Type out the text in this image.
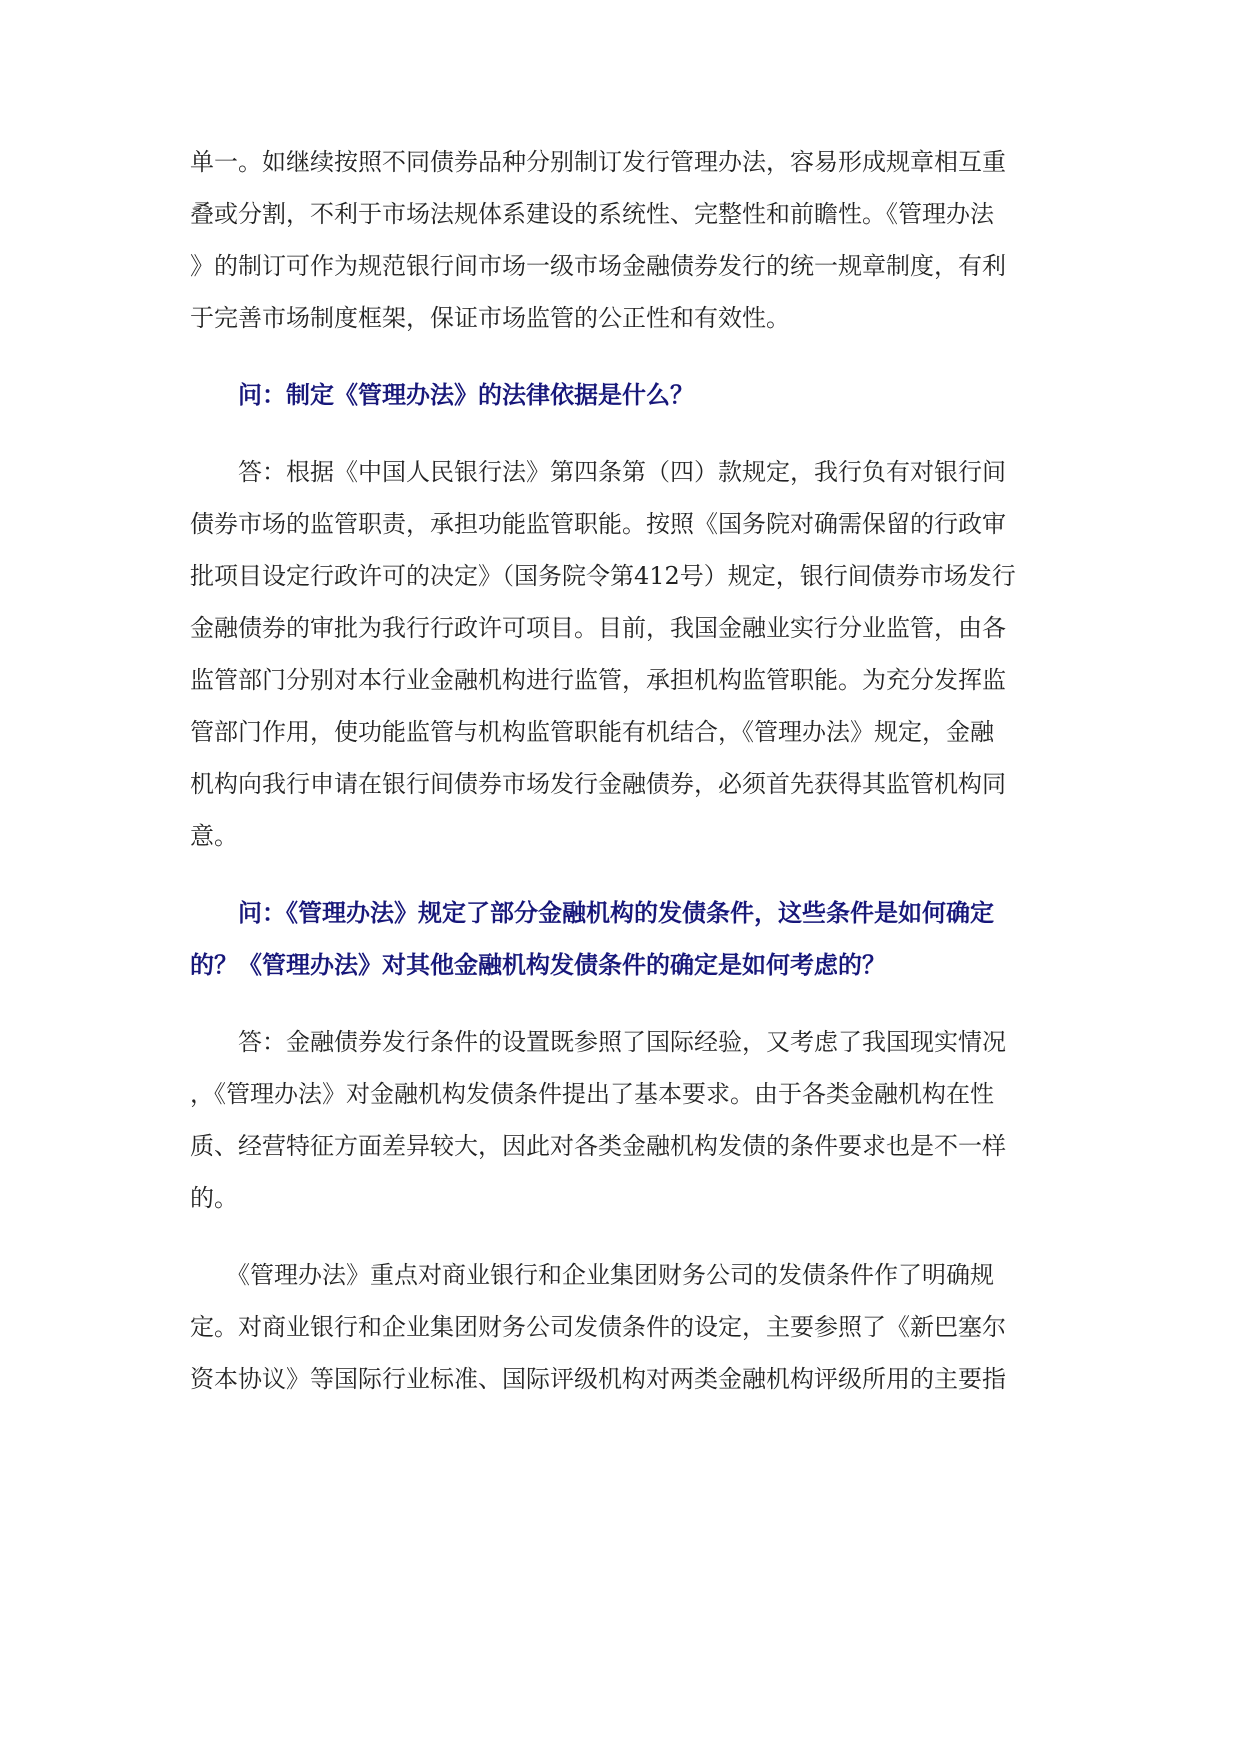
单一。如继续按照不同债券品种分别制订发行管理办法，容易形成规章相互重

叠或分割，不利于市场法规体系建设的系统性、完整性和前瞻性。《管理办法

》的制订可作为规范银行间市场一级市场金融债券发行的统一规章制度，有利

于完善市场制度框架，保证市场监管的公正性和有效性。

　　问：制定《管理办法》的法律依据是什么？

　　答：根据《中国人民银行法》第四条第（四）款规定，我行负有对银行间

债券市场的监管职责，承担功能监管职能。按照《国务院对确需保留的行政审

批项目设定行政许可的决定》（国务院令第412号）规定，银行间债券市场发行

金融债券的审批为我行行政许可项目。目前，我国金融业实行分业监管，由各

监管部门分别对本行业金融机构进行监管，承担机构监管职能。为充分发挥监

管部门作用，使功能监管与机构监管职能有机结合，《管理办法》规定，金融

机构向我行申请在银行间债券市场发行金融债券，必须首先获得其监管机构同

意。

　　问：《管理办法》规定了部分金融机构的发债条件，这些条件是如何确定

的？《管理办法》对其他金融机构发债条件的确定是如何考虑的？

　　答：金融债券发行条件的设置既参照了国际经验，又考虑了我国现实情况

，《管理办法》对金融机构发债条件提出了基本要求。由于各类金融机构在性

质、经营特征方面差异较大，因此对各类金融机构发债的条件要求也是不一样

的。

　　《管理办法》重点对商业银行和企业集团财务公司的发债条件作了明确规

定。对商业银行和企业集团财务公司发债条件的设定，主要参照了《新巴塞尔

资本协议》等国际行业标准、国际评级机构对两类金融机构评级所用的主要指
